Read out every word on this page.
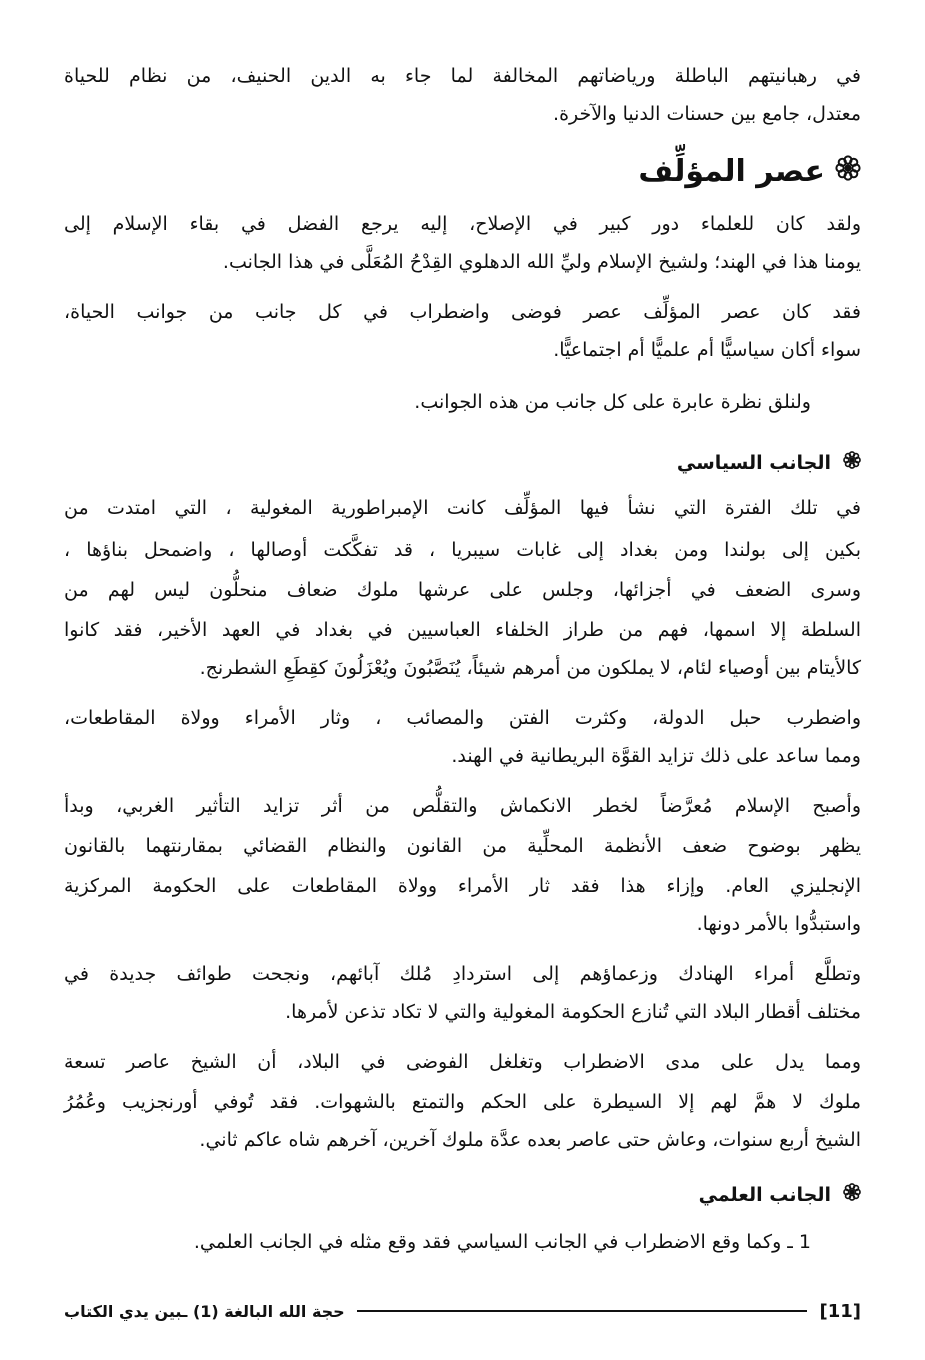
في رهبانيتهم الباطلة ورياضاتهم المخالفة لما جاء به الدين الحنيف، من نظام للحياة
معتدل، جامع بين حسنات الدنيا والآخرة.
عصر المؤلِّف
ولقد كان للعلماء دور كبير في الإصلاح، إليه يرجع الفضل في بقاء الإسلام إلى
يومنا هذا في الهند؛ ولشيخ الإسلام وليِّ الله الدهلوي القِدْحُ المُعَلَّى في هذا الجانب.
فقد كان عصر المؤلِّف عصر فوضى واضطراب في كل جانب من جوانب الحياة،
سواء أكان سياسيًّا أم علميًّا أم اجتماعيًّا.
ولنلق نظرة عابرة على كل جانب من هذه الجوانب.
الجانب السياسي
في تلك الفترة التي نشأ فيها المؤلِّف كانت الإمبراطورية المغولية ، التي امتدت من
بكين إلى بولندا ومن بغداد إلى غابات سيبريا ، قد تفكَّكت أوصالها ، واضمحل بناؤها ،
وسرى الضعف في أجزائها، وجلس على عرشها ملوك ضعاف منحلُّون ليس لهم من
السلطة إلا اسمها، فهم من طراز الخلفاء العباسيين في بغداد في العهد الأخير، فقد كانوا
كالأيتام بين أوصياء لئام، لا يملكون من أمرهم شيئاً، يُنَصَّبُونَ ويُعْزَلُونَ كقِطَعِ الشطرنج.
واضطرب حبل الدولة، وكثرت الفتن والمصائب ، وثار الأمراء وولاة المقاطعات،
ومما ساعد على ذلك تزايد القوَّة البريطانية في الهند.
وأصبح الإسلام مُعرَّضاً لخطر الانكماش والتقلُّص من أثر تزايد التأثير الغربي، وبدأ
يظهر بوضوح ضعف الأنظمة المحلِّية من القانون والنظام القضائي بمقارنتهما بالقانون
الإنجليزي العام. وإزاء هذا فقد ثار الأمراء وولاة المقاطعات على الحكومة المركزية
واستبدُّوا بالأمر دونها.
وتطلَّع أمراء الهنادك وزعماؤهم إلى استردادِ مُلك آبائهم، ونجحت طوائف جديدة في
مختلف أقطار البلاد التي تُنازع الحكومة المغولية والتي لا تكاد تذعن لأمرها.
ومما يدل على مدى الاضطراب وتغلغل الفوضى في البلاد، أن الشيخ عاصر تسعة
ملوك لا همَّ لهم إلا السيطرة على الحكم والتمتع بالشهوات. فقد تُوفي أورنجزيب وعُمُرُ
الشيخ أربع سنوات، وعاش حتى عاصر بعده عدَّة ملوك آخرين، آخرهم شاه عاكم ثاني.
الجانب العلمي
1 ـ وكما وقع الاضطراب في الجانب السياسي فقد وقع مثله في الجانب العلمي.
[11]
حجة الله البالغة (1) ـبين يدي الكتاب
